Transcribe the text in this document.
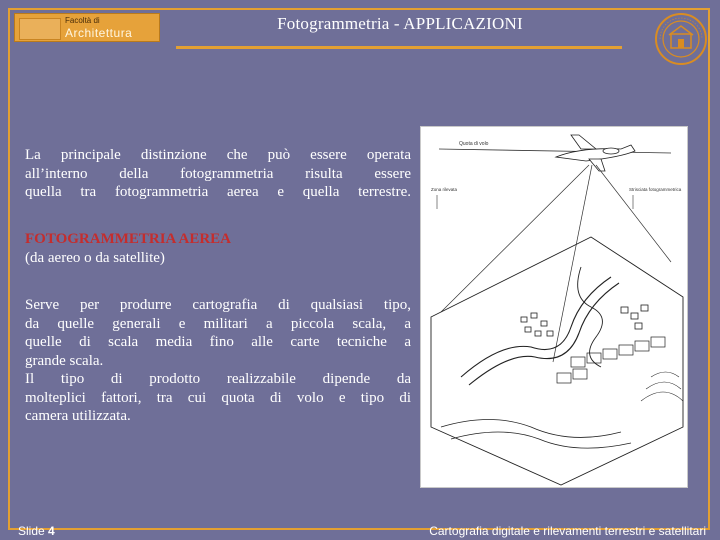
Facoltà di
Architettura	Fotogrammetria - APPLICAZIONI
La principale distinzione che può essere operata
all’interno della fotogrammetria risulta essere
quella tra fotogrammetria aerea e quella terrestre.
FOTOGRAMMETRIA AEREA
(da aereo o da satellite)
Serve per produrre cartografia di qualsiasi tipo,
da quelle generali e militari a piccola scala, a
quelle di scala media fino alle carte tecniche a
grande scala.
Il tipo di prodotto realizzabile dipende da
molteplici fattori, tra cui quota di volo e tipo di
camera utilizzata.
Quota di volo
Zona rilevata	Strisciata fotogrammetrica
Slide 4	Cartografia digitale e rilevamenti terrestri e satellitari
